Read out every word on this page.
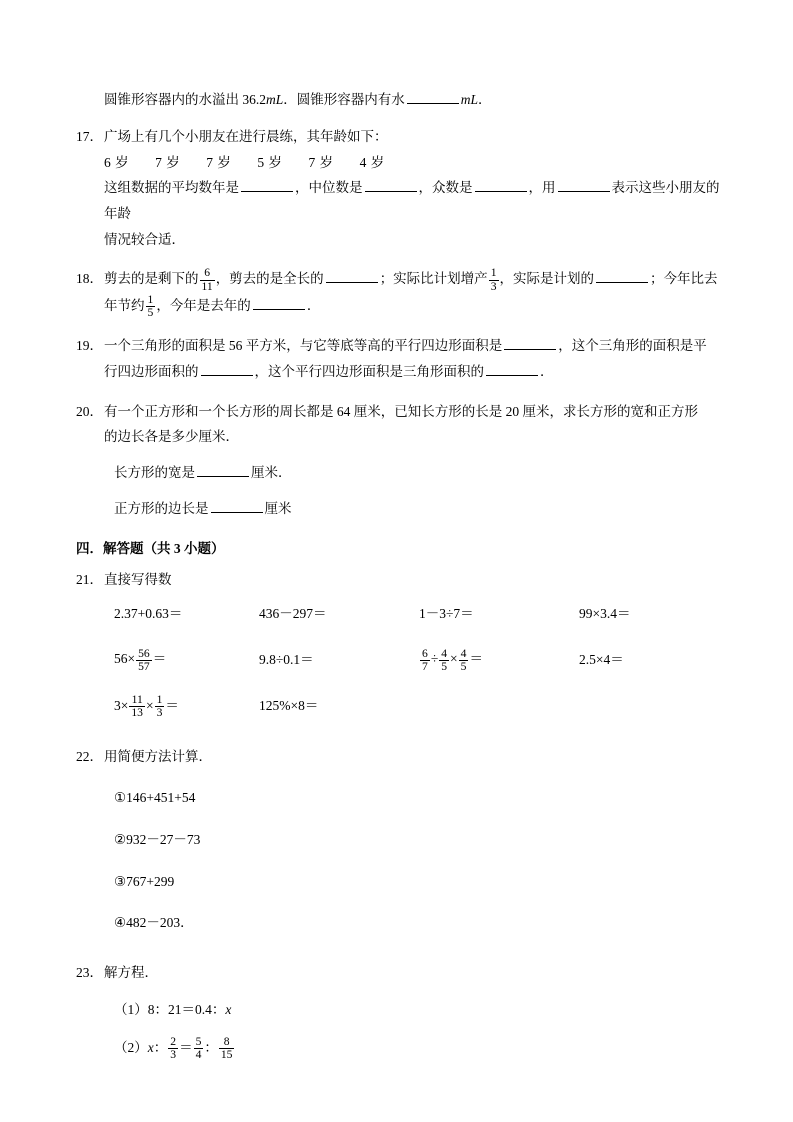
圆锥形容器内的水溢出 36.2mL．圆锥形容器内有水	mL．
17．广场上有几个小朋友在进行晨练，其年龄如下：
6 岁 7 岁 7 岁 5 岁 7 岁 4 岁
这组数据的平均数年是	，中位数是	，众数是	，用	表示这些小朋友的年龄
情况较合适．
18．剪去的是剩下的 $\frac{6}{11}$ ，剪去的是全长的	；实际比计划增产 $\frac{1}{3}$ ，实际是计划的	；今年比去
年节约 $\frac{1}{5}$ ，今年是去年的	．
19．一个三角形的面积是 56 平方米，与它等底等高的平行四边形面积是	，这个三角形的面积是平
行四边形面积的	，这个平行四边形面积是三角形面积的	．
20．有一个正方形和一个长方形的周长都是 64 厘米，已知长方形的长是 20 厘米，求长方形的宽和正方形
的边长各是多少厘米．
长方形的宽是	厘米．
正方形的边长是	厘米
四．解答题（共 3 小题）
21．直接写得数
2.37+0.63＝	436－297＝	1－3÷7＝	99×3.4＝
$56\times \frac{56}{57}$ ＝	9.8÷0.1＝	$\frac{6}{7} \div \frac{4}{5} \times \frac{4}{5}$ ＝	2.5×4＝
$3\times \frac{11}{13} \times \frac{1}{3}$ ＝	125%×8＝
22．用简便方法计算．
①146+451+54
②932－27－73
③767+299
④482－203．
23．解方程．
（1）8：21＝0.4：x
（2）x： $\frac{2}{3} = \frac{5}{4}$ ： $\frac{8}{15}$
